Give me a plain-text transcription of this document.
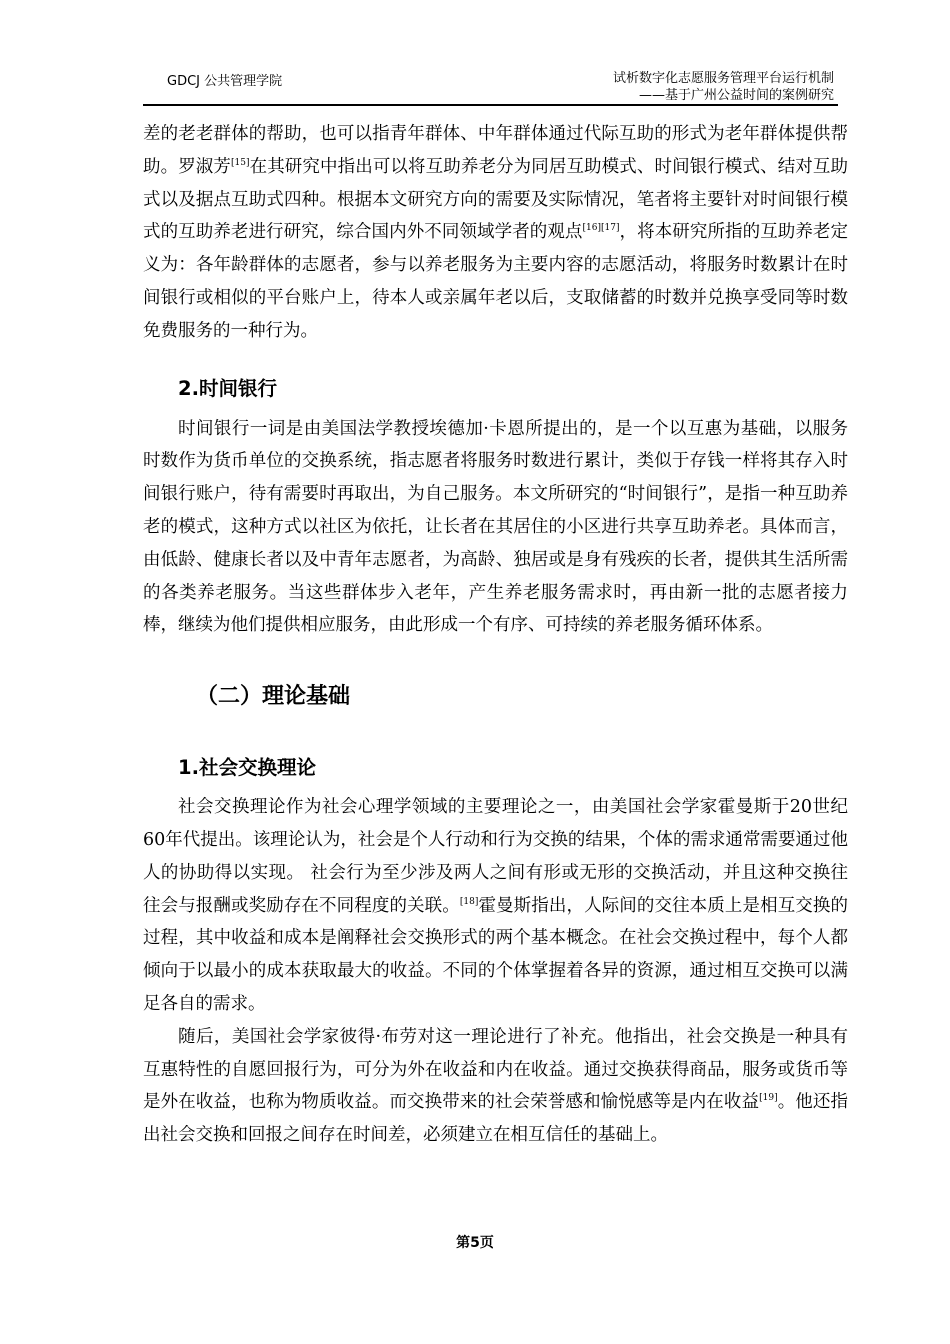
GDCJ 公共管理学院	试析数字化志愿服务管理平台运行机制
——基于广州公益时间的案例研究

差的老老群体的帮助，也可以指青年群体、中年群体通过代际互助的形式为老年群体提供帮助。罗淑芳[15]在其研究中指出可以将互助养老分为同居互助模式、时间银行模式、结对互助式以及据点互助式四种。根据本文研究方向的需要及实际情况，笔者将主要针对时间银行模式的互助养老进行研究，综合国内外不同领域学者的观点[16][17]，将本研究所指的互助养老定义为：各年龄群体的志愿者，参与以养老服务为主要内容的志愿活动，将服务时数累计在时间银行或相似的平台账户上，待本人或亲属年老以后，支取储蓄的时数并兑换享受同等时数免费服务的一种行为。

2.时间银行

时间银行一词是由美国法学教授埃德加·卡恩所提出的，是一个以互惠为基础，以服务时数作为货币单位的交换系统，指志愿者将服务时数进行累计，类似于存钱一样将其存入时间银行账户，待有需要时再取出，为自己服务。本文所研究的“时间银行”，是指一种互助养老的模式，这种方式以社区为依托，让长者在其居住的小区进行共享互助养老。具体而言，由低龄、健康长者以及中青年志愿者，为高龄、独居或是身有残疾的长者，提供其生活所需的各类养老服务。当这些群体步入老年，产生养老服务需求时，再由新一批的志愿者接力棒，继续为他们提供相应服务，由此形成一个有序、可持续的养老服务循环体系。

（二）理论基础
1.社会交换理论

社会交换理论作为社会心理学领域的主要理论之一，由美国社会学家霍曼斯于20世纪60年代提出。该理论认为，社会是个人行动和行为交换的结果，个体的需求通常需要通过他人的协助得以实现。 社会行为至少涉及两人之间有形或无形的交换活动，并且这种交换往往会与报酬或奖励存在不同程度的关联。[18]霍曼斯指出，人际间的交往本质上是相互交换的过程，其中收益和成本是阐释社会交换形式的两个基本概念。在社会交换过程中，每个人都倾向于以最小的成本获取最大的收益。不同的个体掌握着各异的资源，通过相互交换可以满足各自的需求。

随后，美国社会学家彼得·布劳对这一理论进行了补充。他指出，社会交换是一种具有互惠特性的自愿回报行为，可分为外在收益和内在收益。通过交换获得商品，服务或货币等是外在收益，也称为物质收益。而交换带来的社会荣誉感和愉悦感等是内在收益[19]。他还指出社会交换和回报之间存在时间差，必须建立在相互信任的基础上。

第5页
